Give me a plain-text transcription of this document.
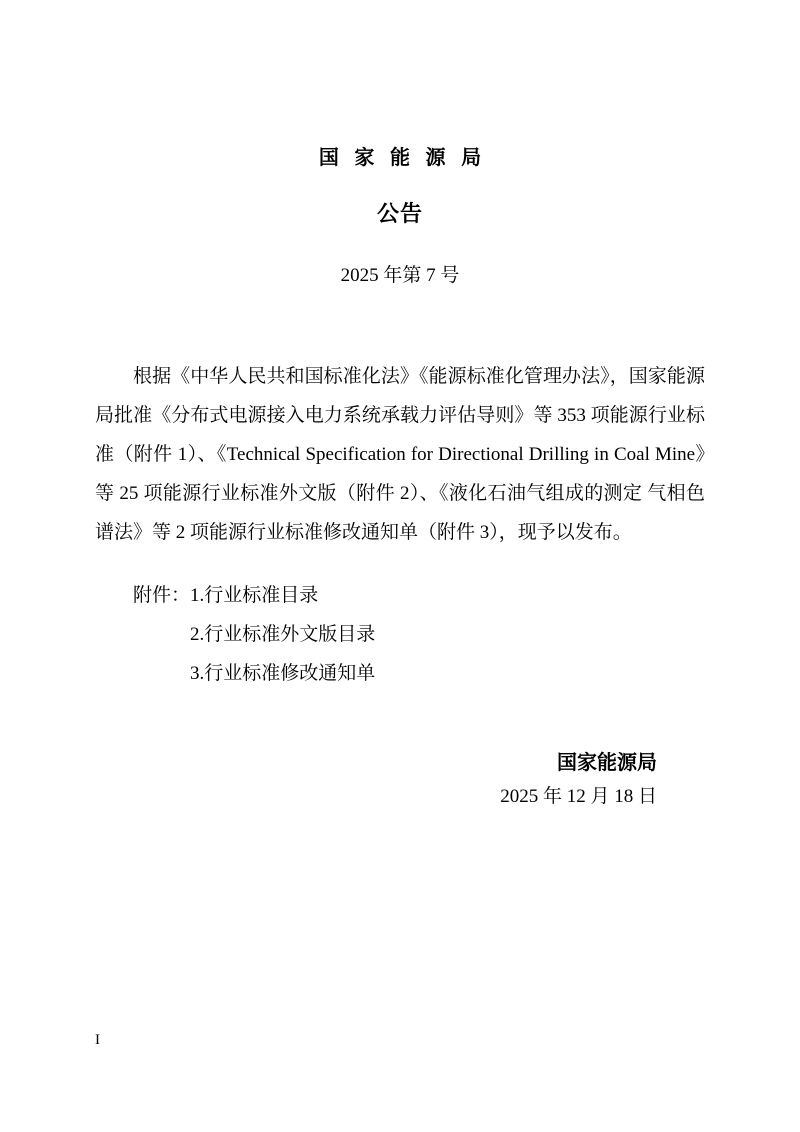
国 家 能 源 局
公告
2025 年第 7 号
根据《中华人民共和国标准化法》《能源标准化管理办法》，国家能源局批准《分布式电源接入电力系统承载力评估导则》等 353 项能源行业标准（附件 1）、《Technical Specification for Directional Drilling in Coal Mine》等 25 项能源行业标准外文版（附件 2）、《液化石油气组成的测定 气相色谱法》等 2 项能源行业标准修改通知单（附件 3），现予以发布。
附件： 1.行业标准目录
2.行业标准外文版目录
3.行业标准修改通知单
国家能源局
2025 年 12 月 18 日
I
